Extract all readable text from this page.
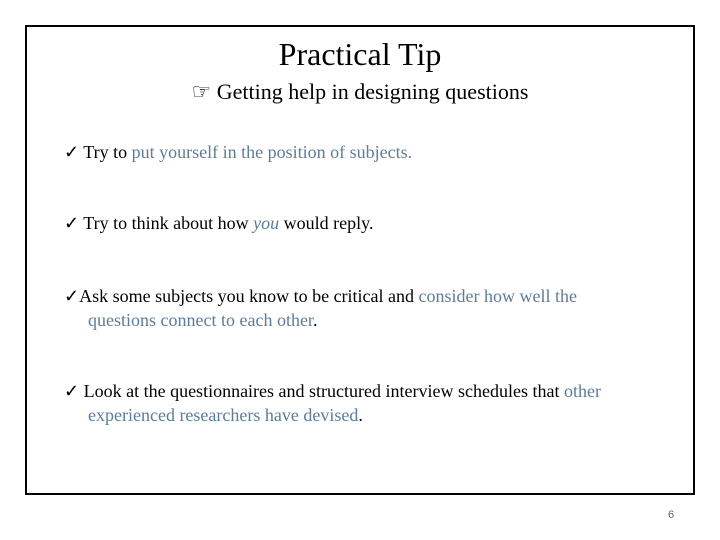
Practical Tip
☞ Getting help in designing questions
✓ Try to put yourself in the position of subjects.
✓ Try to think about how you would reply.
✓Ask some subjects you know to be critical and consider how well the
questions connect to each other.
✓ Look at the questionnaires and structured interview schedules that other
experienced researchers have devised.
6
